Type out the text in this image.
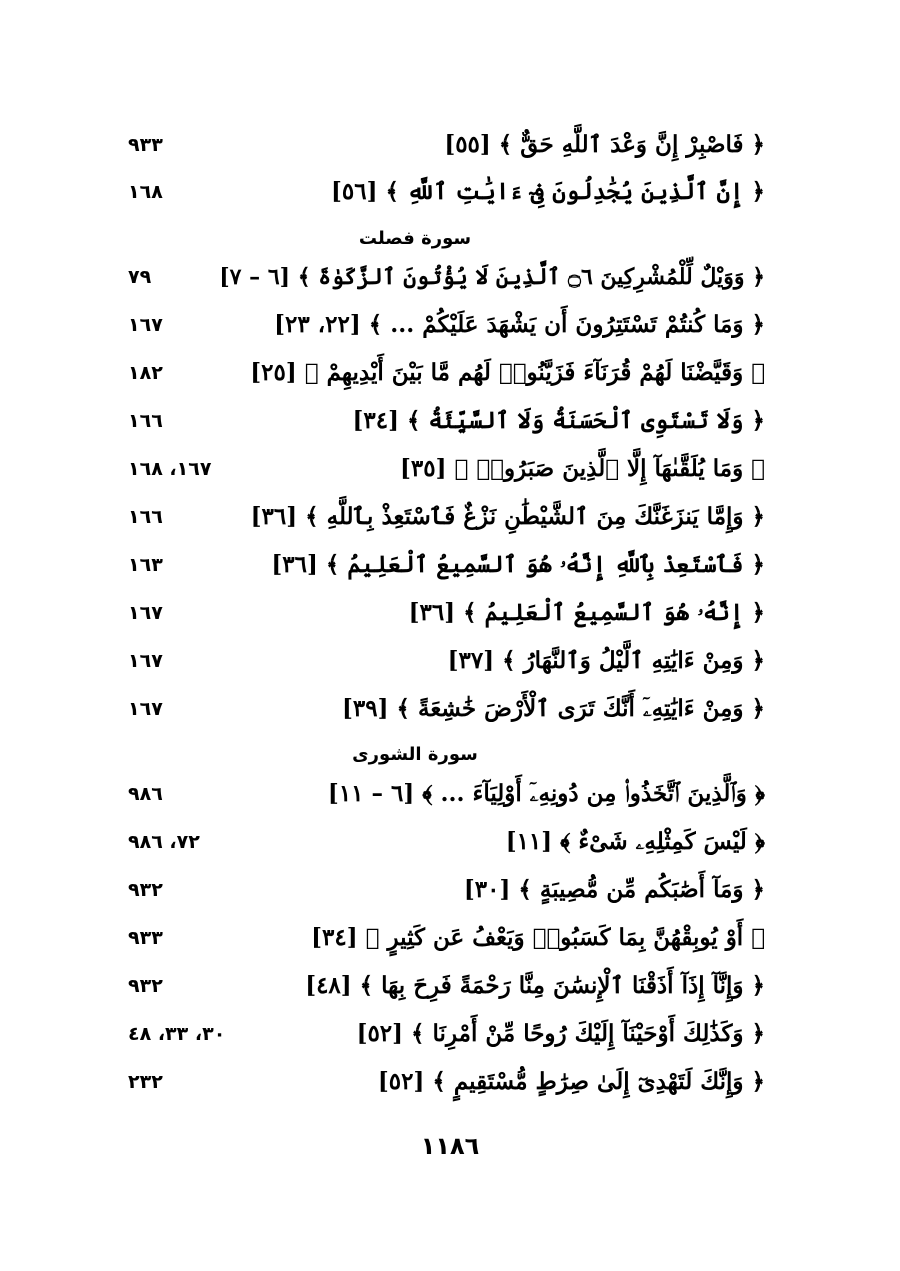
﴿ فَاصْبِرْ إِنَّ وَعْدَ ٱللَّهِ حَقٌّ ﴾ [٥٥]
٩٣٣
﴿ إِنَّ ٱلَّذِينَ يُجَٰدِلُونَ فِىٓ ءَايَٰتِ ٱللَّهِ ﴾ [٥٦]
١٦٨
سورة فصلت
﴿ وَوَيْلٌ لِّلْمُشْرِكِينَ ۝٦ ٱلَّذِينَ لَا يُؤْتُونَ ٱلزَّكَوٰةَ ﴾ [٦ – ٧]
٧٩
﴿ وَمَا كُنتُمْ تَسْتَتِرُونَ أَن يَشْهَدَ عَلَيْكُمْ ... ﴾ [٢٢، ٢٣]
١٦٧
﴿ وَقَيَّضْنَا لَهُمْ قُرَنَآءَ فَزَيَّنُوا۟ لَهُم مَّا بَيْنَ أَيْدِيهِمْ ﴾ [٢٥]
١٨٢
﴿ وَلَا تَسْتَوِى ٱلْحَسَنَةُ وَلَا ٱلسَّيِّئَةُ ﴾ [٣٤]
١٦٦
﴿ وَمَا يُلَقَّىٰهَآ إِلَّا ٱلَّذِينَ صَبَرُوا۟ ﴾ [٣٥]
١٦٧، ١٦٨
﴿ وَإِمَّا يَنزَغَنَّكَ مِنَ ٱلشَّيْطَٰنِ نَزْغٌ فَٱسْتَعِذْ بِٱللَّهِ ﴾ [٣٦]
١٦٦
﴿ فَٱسْتَعِذْ بِٱللَّهِ إِنَّهُۥ هُوَ ٱلسَّمِيعُ ٱلْعَلِيمُ ﴾ [٣٦]
١٦٣
﴿ إِنَّهُۥ هُوَ ٱلسَّمِيعُ ٱلْعَلِيمُ ﴾ [٣٦]
١٦٧
﴿ وَمِنْ ءَايَٰتِهِ ٱلَّيْلُ وَٱلنَّهَارُ ﴾ [٣٧]
١٦٧
﴿ وَمِنْ ءَايَٰتِهِۦٓ أَنَّكَ تَرَى ٱلْأَرْضَ خَٰشِعَةً ﴾ [٣٩]
١٦٧
سورة الشورى
﴿ وَٱلَّذِينَ ٱتَّخَذُوا۟ مِن دُونِهِۦٓ أَوْلِيَآءَ ... ﴾ [٦ – ١١]
٩٨٦
﴿ لَيْسَ كَمِثْلِهِۦ شَىْءٌ ﴾ [١١]
٧٢، ٩٨٦
﴿ وَمَآ أَصَٰبَكُم مِّن مُّصِيبَةٍ ﴾ [٣٠]
٩٣٢
﴿ أَوْ يُوبِقْهُنَّ بِمَا كَسَبُوا۟ وَيَعْفُ عَن كَثِيرٍ ﴾ [٣٤]
٩٣٣
﴿ وَإِنَّآ إِذَآ أَذَقْنَا ٱلْإِنسَٰنَ مِنَّا رَحْمَةً فَرِحَ بِهَا ﴾ [٤٨]
٩٣٢
﴿ وَكَذَٰلِكَ أَوْحَيْنَآ إِلَيْكَ رُوحًا مِّنْ أَمْرِنَا ﴾ [٥٢]
٣٠، ٣٣، ٤٨
﴿ وَإِنَّكَ لَتَهْدِىٓ إِلَىٰ صِرَٰطٍ مُّسْتَقِيمٍ ﴾ [٥٢]
٢٣٢
١١٨٦
